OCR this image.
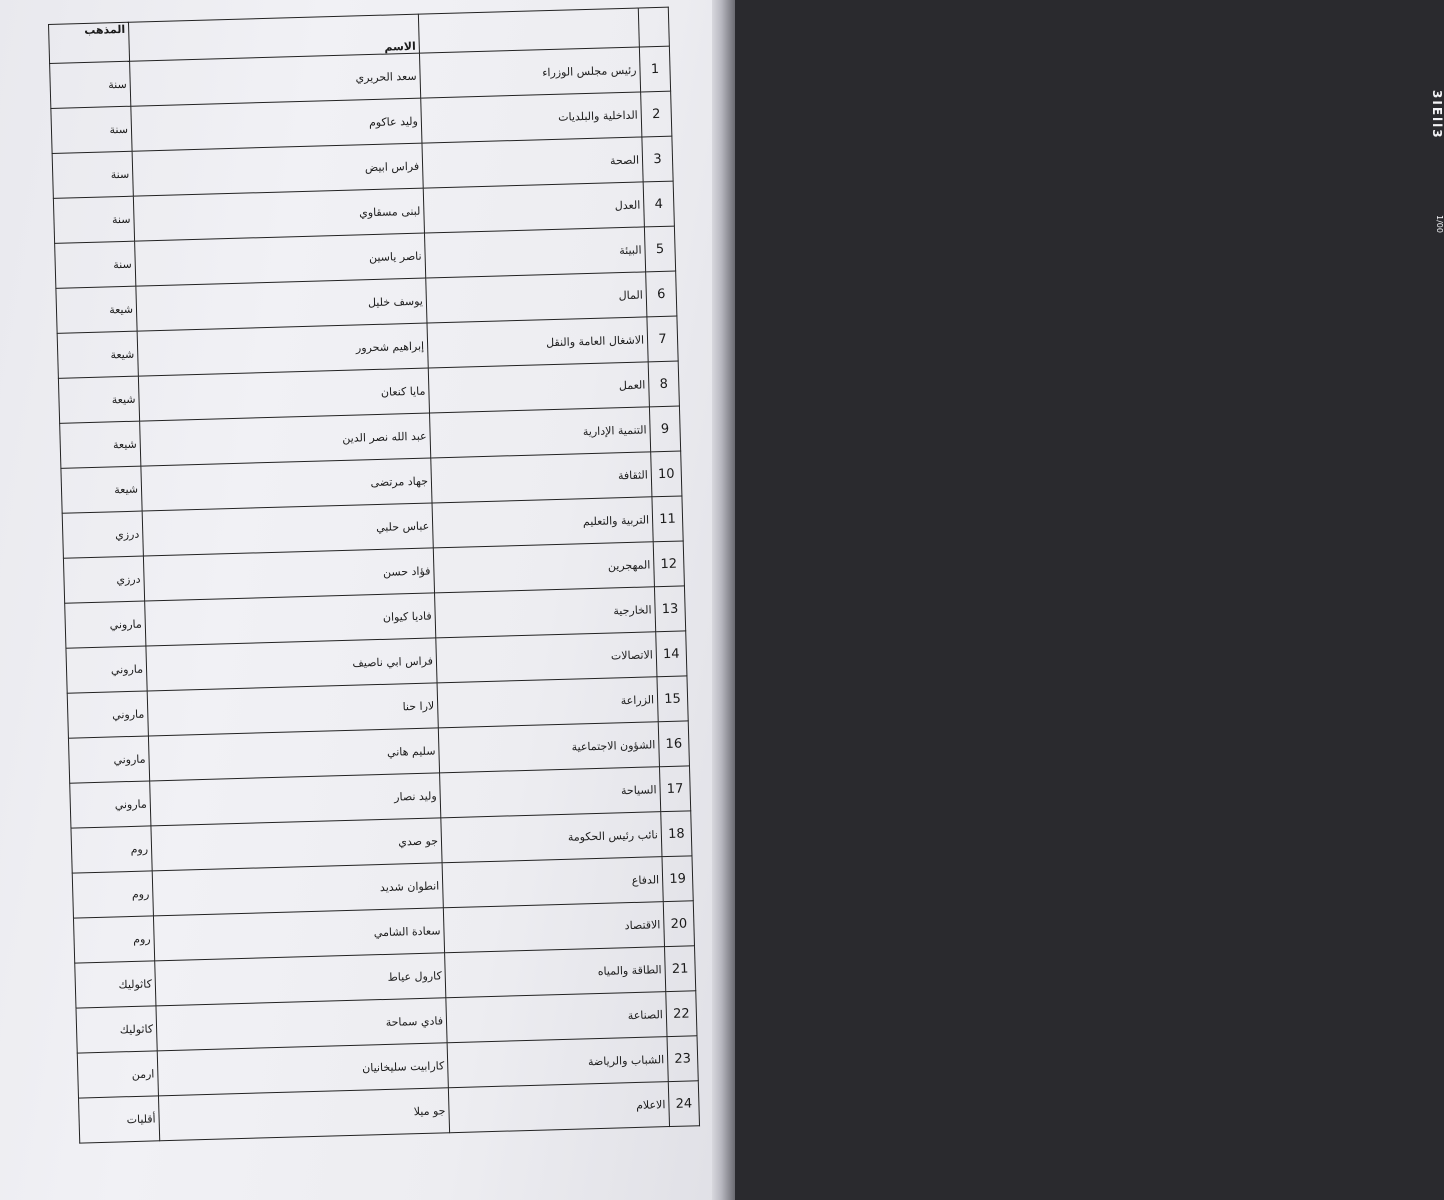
المذهب	الاسم		
سنة	سعد الحريري	رئيس مجلس الوزراء	1
سنة	وليد عاكوم	الداخلية والبلديات	2
سنة	فراس ابيض	الصحة	3
سنة	لبنى مسقاوي	العدل	4
سنة	ناصر ياسين	البيئة	5
شيعة	يوسف خليل	المال	6
شيعة	إبراهيم شحرور	الاشغال العامة والنقل	7
شيعة	مايا كنعان	العمل	8
شيعة	عبد الله نصر الدين	التنمية الإدارية	9
شيعة	جهاد مرتضى	الثقافة	10
درزي	عباس حلبي	التربية والتعليم	11
درزي	فؤاد حسن	المهجرين	12
ماروني	فاديا كيوان	الخارجية	13
ماروني	فراس ابي ناصيف	الاتصالات	14
ماروني	لارا حنا	الزراعة	15
ماروني	سليم هاني	الشؤون الاجتماعية	16
ماروني	وليد نصار	السياحة	17
روم	جو صدي	نائب رئيس الحكومة	18
روم	انطوان شديد	الدفاع	19
روم	سعادة الشامي	الاقتصاد	20
كاثوليك	كارول عياط	الطاقة والمياه	21
كاثوليك	فادي سماحة	الصناعة	22
ارمن	كارابيت سليخانيان	الشباب والرياضة	23
أقليات	جو ميلا	الاعلام	24
3IEll3
1/00
